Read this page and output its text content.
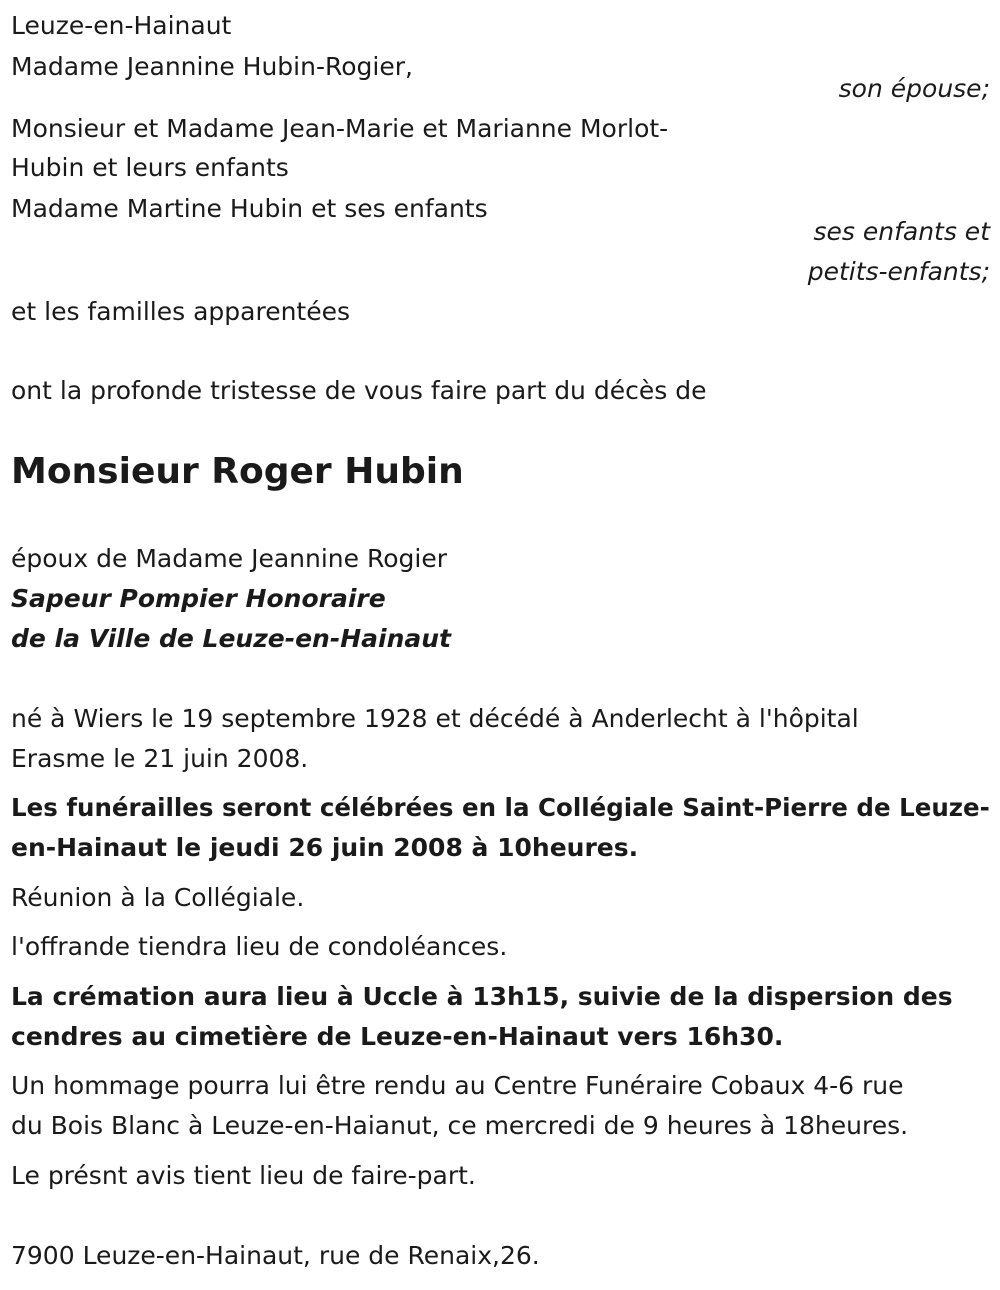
Leuze-en-Hainaut

Madame Jeannine Hubin-Rogier,

son épouse;

Monsieur et Madame Jean-Marie et Marianne Morlot-

Hubin et leurs enfants

Madame Martine Hubin et ses enfants

ses enfants et

petits-enfants;

et les familles apparentées

ont la profonde tristesse de vous faire part du décès de

Monsieur Roger Hubin

époux de Madame Jeannine Rogier

Sapeur Pompier Honoraire

de la Ville de Leuze-en-Hainaut

né à Wiers le 19 septembre 1928 et décédé à Anderlecht à l'hôpital

Erasme le 21 juin 2008.

Les funérailles seront célébrées en la Collégiale Saint-Pierre de Leuze-

en-Hainaut le jeudi 26 juin 2008 à 10heures.

Réunion à la Collégiale.

l'offrande tiendra lieu de condoléances.

La crémation aura lieu à Uccle à 13h15, suivie de la dispersion des

cendres au cimetière de Leuze-en-Hainaut vers 16h30.

Un hommage pourra lui être rendu au Centre Funéraire Cobaux 4-6 rue

du Bois Blanc à Leuze-en-Haianut, ce mercredi de 9 heures à 18heures.

Le présnt avis tient lieu de faire-part.

7900 Leuze-en-Hainaut, rue de Renaix,26.
